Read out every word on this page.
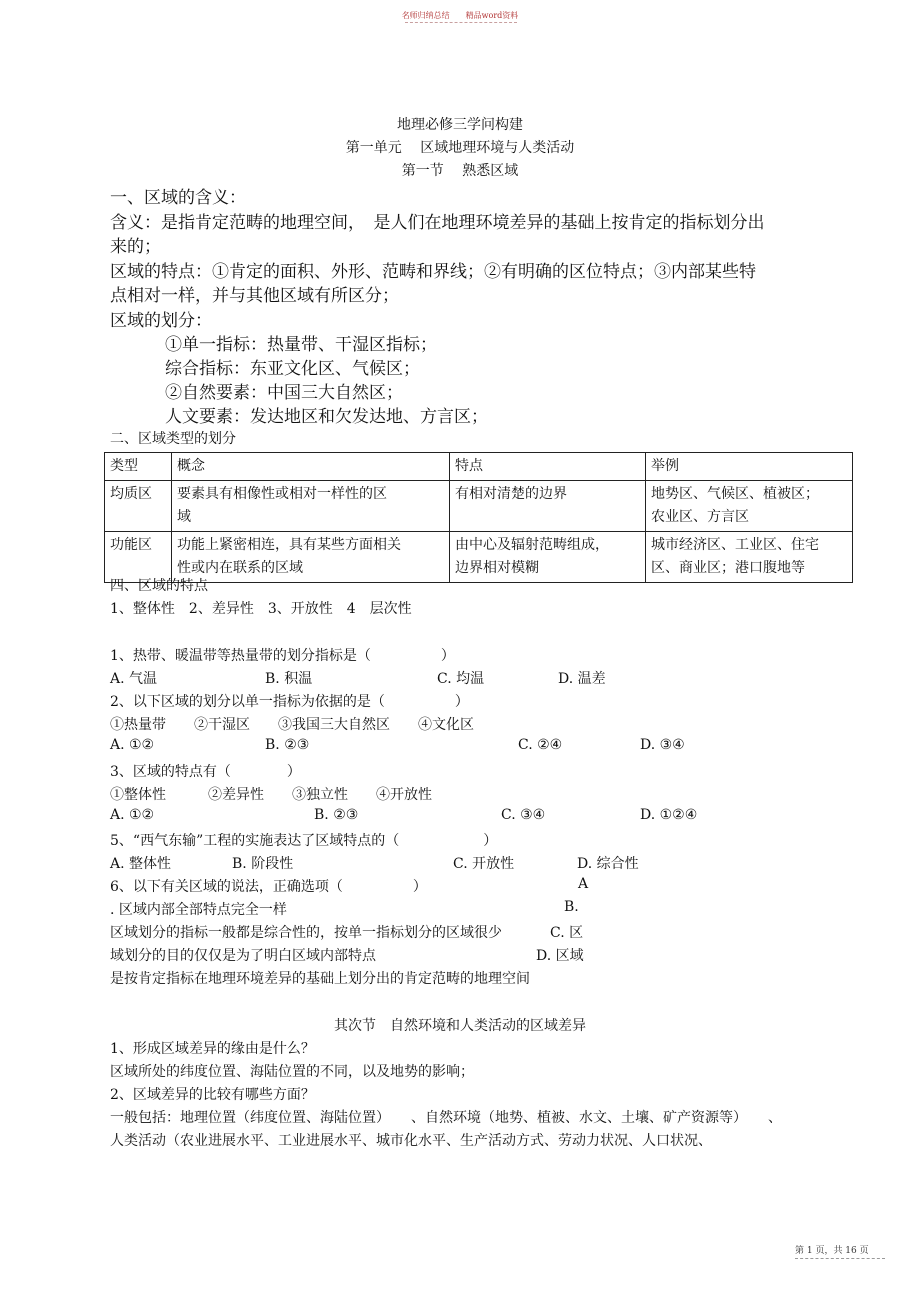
名师归纳总结　　精品word资料
地理必修三学问构建
第一单元　 区域地理环境与人类活动
第一节　 熟悉区域
一、区域的含义：
含义：是指肯定范畴的地理空间，　是人们在地理环境差异的基础上按肯定的指标划分出
来的；
区域的特点：①肯定的面积、外形、范畴和界线；②有明确的区位特点；③内部某些特
点相对一样，并与其他区域有所区分；
区域的划分：
①单一指标：热量带、干湿区指标；
综合指标：东亚文化区、气候区；
②自然要素：中国三大自然区；
人文要素：发达地区和欠发达地、方言区；
二、区域类型的划分
类型	概念	特点	举例
均质区	要素具有相像性或相对一样性的区
域	有相对清楚的边界	地势区、气候区、植被区；
农业区、方言区
功能区	功能上紧密相连，具有某些方面相关
性或内在联系的区域	由中心及辐射范畴组成，
边界相对模糊	城市经济区、工业区、住宅
区、商业区；港口腹地等
四、区域的特点
1、整体性　2、差异性　3、开放性　4　层次性
1、热带、暖温带等热量带的划分指标是（　　　　　）
A. 气温	B. 积温	C. 均温	D. 温差
2、以下区域的划分以单一指标为依据的是（　　　　　）
①热量带　　②干湿区　　③我国三大自然区　　④文化区
A. ①②	B. ②③	C. ②④	D. ③④
3、区域的特点有（　　　　）
①整体性　　　②差异性　　③独立性　　④开放性
A. ①②	B. ②③	C. ③④	D. ①②④
5、“西气东输”工程的实施表达了区域特点的（　　　　　　）
A. 整体性	B. 阶段性	C. 开放性	D. 综合性
6、以下有关区域的说法，正确选项（　　　　　）	A
. 区域内部全部特点完全一样	B.
区域划分的指标一般都是综合性的，按单一指标划分的区域很少	C. 区
域划分的目的仅仅是为了明白区域内部特点	D. 区域
是按肯定指标在地理环境差异的基础上划分出的肯定范畴的地理空间
其次节　自然环境和人类活动的区域差异
1、形成区域差异的缘由是什么？
区域所处的纬度位置、海陆位置的不同，以及地势的影响；
2、区域差异的比较有哪些方面？
一般包括：地理位置（纬度位置、海陆位置）　　、自然环境（地势、植被、水文、土壤、矿产资源等）　　、
人类活动（农业进展水平、工业进展水平、城市化水平、生产活动方式、劳动力状况、人口状况、
第 1 页，共 16 页
